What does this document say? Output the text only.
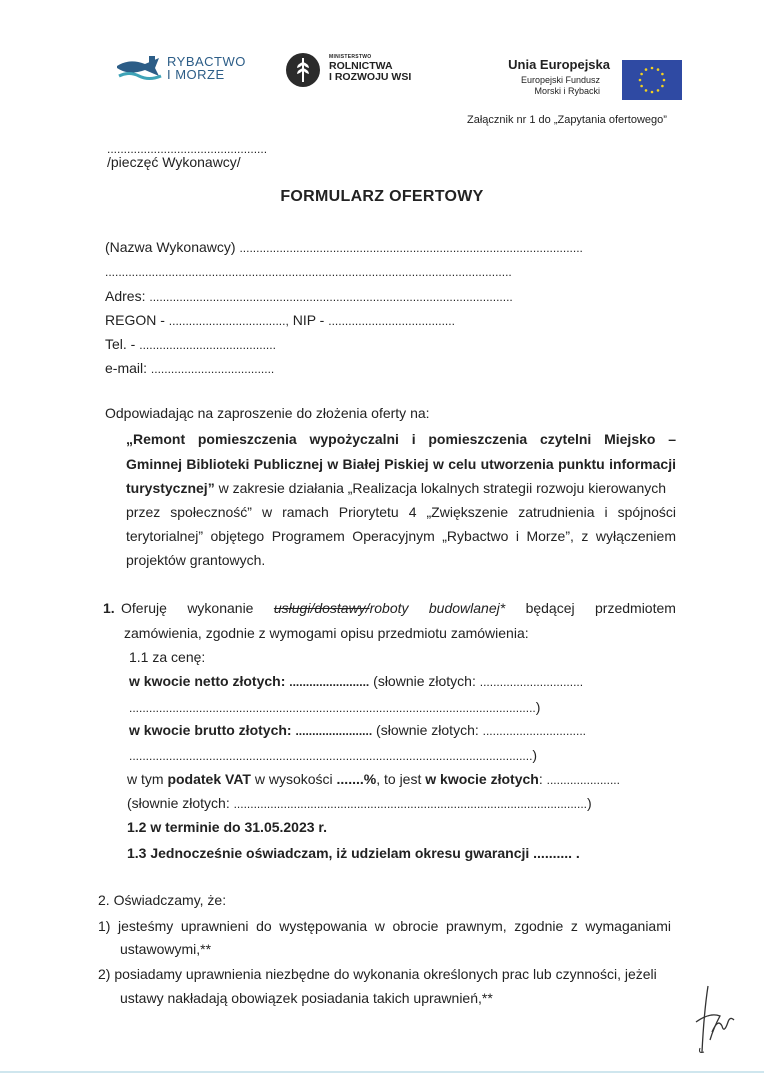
RYBACTWO
I MORZE
MINISTERSTWO
ROLNICTWA
I ROZWOJU WSI
Unia Europejska
Europejski Fundusz
Morski i Rybacki
Załącznik nr 1 do „Zapytania ofertowego”
................................................
/pieczęć Wykonawcy/
FORMULARZ OFERTOWY
(Nazwa Wykonawcy) .......................................................................................................
..........................................................................................................................
Adres: .............................................................................................................
REGON - ..................................., NIP - ......................................
Tel. - .........................................
e-mail: .....................................
Odpowiadając na zaproszenie do złożenia oferty na:
„Remont pomieszczenia wypożyczalni i pomieszczenia czytelni Miejsko –
Gminnej Biblioteki Publicznej w Białej Piskiej w celu utworzenia punktu informacji
turystycznej” w zakresie działania „Realizacja lokalnych strategii rozwoju kierowanych
przez społeczność” w ramach Priorytetu 4 „Zwiększenie zatrudnienia i spójności
terytorialnej” objętego Programem Operacyjnym „Rybactwo i Morze”, z wyłączeniem
projektów grantowych.
1. Oferuję wykonanie usługi/dostawy/roboty budowlanej* będącej przedmiotem
zamówienia, zgodnie z wymogami opisu przedmiotu zamówienia:
1.1 za cenę:
w kwocie netto złotych: ........................ (słownie złotych: ...............................
..........................................................................................................................)
w kwocie brutto złotych: ....................... (słownie złotych: ...............................
.........................................................................................................................)
w tym podatek VAT w wysokości .......%, to jest w kwocie złotych: ......................
(słownie złotych: ..........................................................................................................)
1.2 w terminie do 31.05.2023 r.
1.3 Jednocześnie oświadczam, iż udzielam okresu gwarancji .......... .
2. Oświadczamy, że:
1) jesteśmy uprawnieni do występowania w obrocie prawnym, zgodnie z wymaganiami
ustawowymi,**
2) posiadamy uprawnienia niezbędne do wykonania określonych prac lub czynności, jeżeli
ustawy nakładają obowiązek posiadania takich uprawnień,**
